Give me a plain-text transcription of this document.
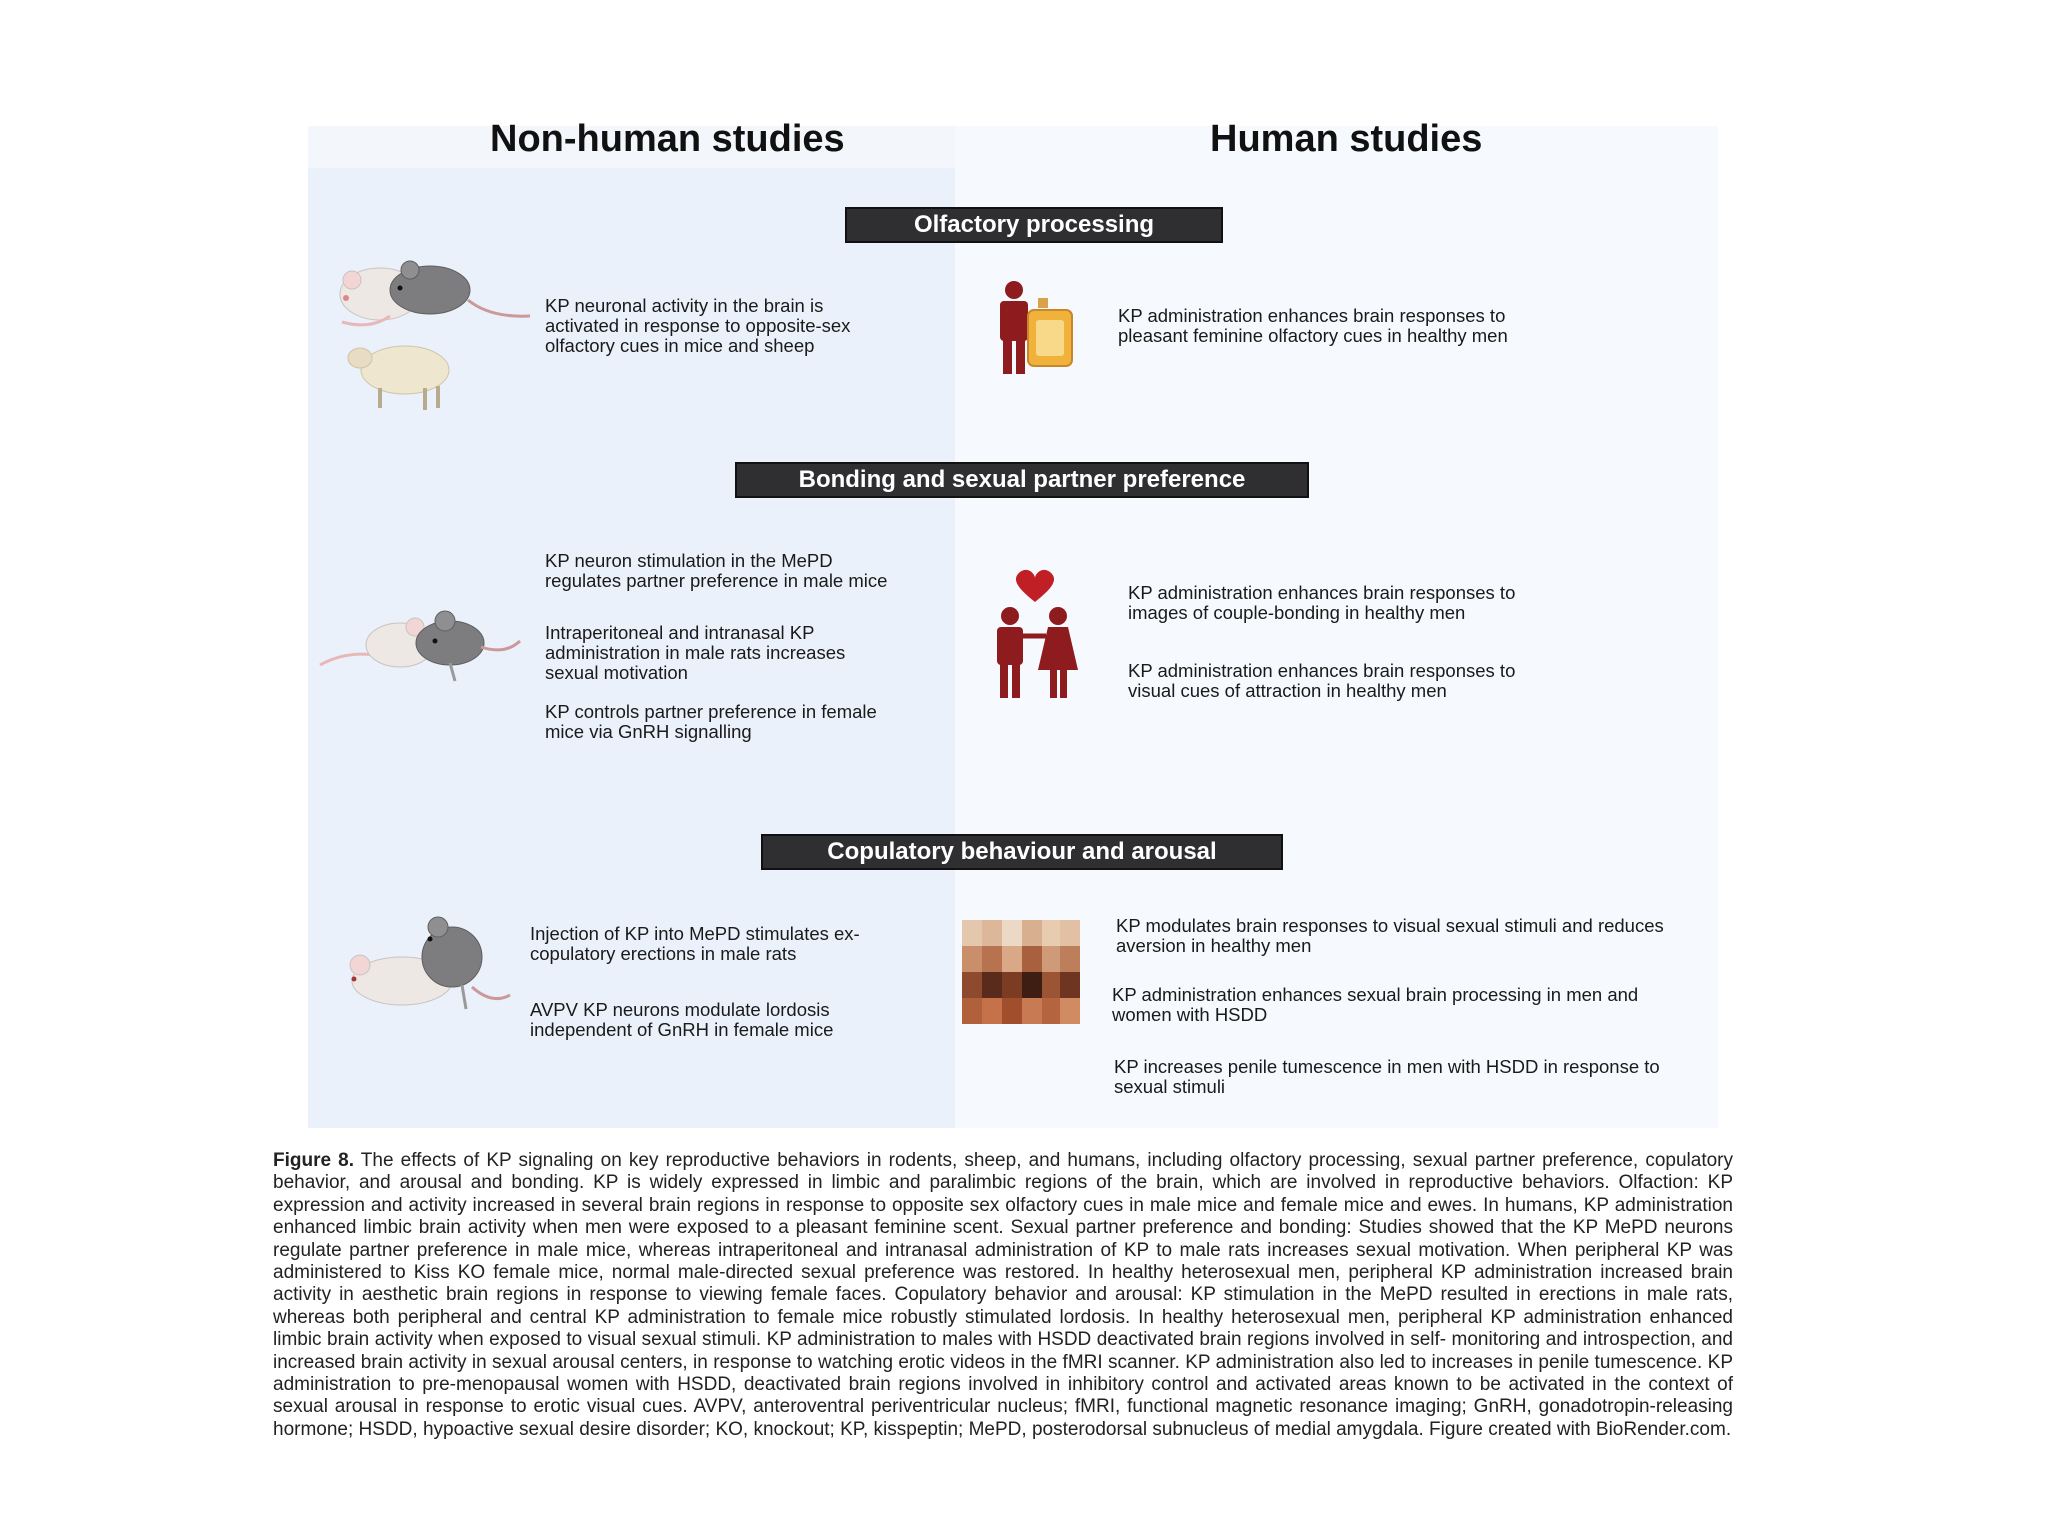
Non-human studies	Human studies
Olfactory processing
KP neuronal activity in the brain is
activated in response to opposite-sex
olfactory cues in mice and sheep
KP administration enhances brain responses to
pleasant feminine olfactory cues in healthy men
Bonding and sexual partner preference
KP neuron stimulation in the MePD
regulates partner preference in male mice
Intraperitoneal and intranasal KP
administration in male rats increases
sexual motivation
KP controls partner preference in female
mice via GnRH signalling
KP administration enhances brain responses to
images of couple-bonding in healthy men
KP administration enhances brain responses to
visual cues of attraction in healthy men
Copulatory behaviour and arousal
Injection of KP into MePD stimulates ex-
copulatory erections in male rats
AVPV KP neurons modulate lordosis
independent of GnRH in female mice
KP modulates brain responses to visual sexual stimuli and reduces
aversion in healthy men
KP administration enhances sexual brain processing in men and
women with HSDD
KP increases penile tumescence in men with HSDD in response to
sexual stimuli
Figure 8. The effects of KP signaling on key reproductive behaviors in rodents, sheep, and humans, including olfactory processing, sexual partner preference, copulatory behavior, and arousal and bonding. KP is widely expressed in limbic and paralimbic regions of the brain, which are involved in reproductive behaviors. Olfaction: KP expression and activity increased in several brain regions in response to opposite sex olfactory cues in male mice and female mice and ewes. In humans, KP administration enhanced limbic brain activity when men were exposed to a pleasant feminine scent. Sexual partner preference and bonding: Studies showed that the KP MePD neurons regulate partner preference in male mice, whereas intraperitoneal and intranasal administration of KP to male rats increases sexual motivation. When peripheral KP was administered to Kiss KO female mice, normal male-directed sexual preference was restored. In healthy heterosexual men, peripheral KP administration increased brain activity in aesthetic brain regions in response to viewing female faces. Copulatory behavior and arousal: KP stimulation in the MePD resulted in erections in male rats, whereas both peripheral and central KP administration to female mice robustly stimulated lordosis. In healthy heterosexual men, peripheral KP administration enhanced limbic brain activity when exposed to visual sexual stimuli. KP administration to males with HSDD deactivated brain regions involved in self- monitoring and introspection, and increased brain activity in sexual arousal centers, in response to watching erotic videos in the fMRI scanner. KP administration also led to increases in penile tumescence. KP administration to pre-menopausal women with HSDD, deactivated brain regions involved in inhibitory control and activated areas known to be activated in the context of sexual arousal in response to erotic visual cues. AVPV, anteroventral periventricular nucleus; fMRI, functional magnetic resonance imaging; GnRH, gonadotropin-releasing hormone; HSDD, hypoactive sexual desire disorder; KO, knockout; KP, kisspeptin; MePD, posterodorsal subnucleus of medial amygdala. Figure created with BioRender.com.
